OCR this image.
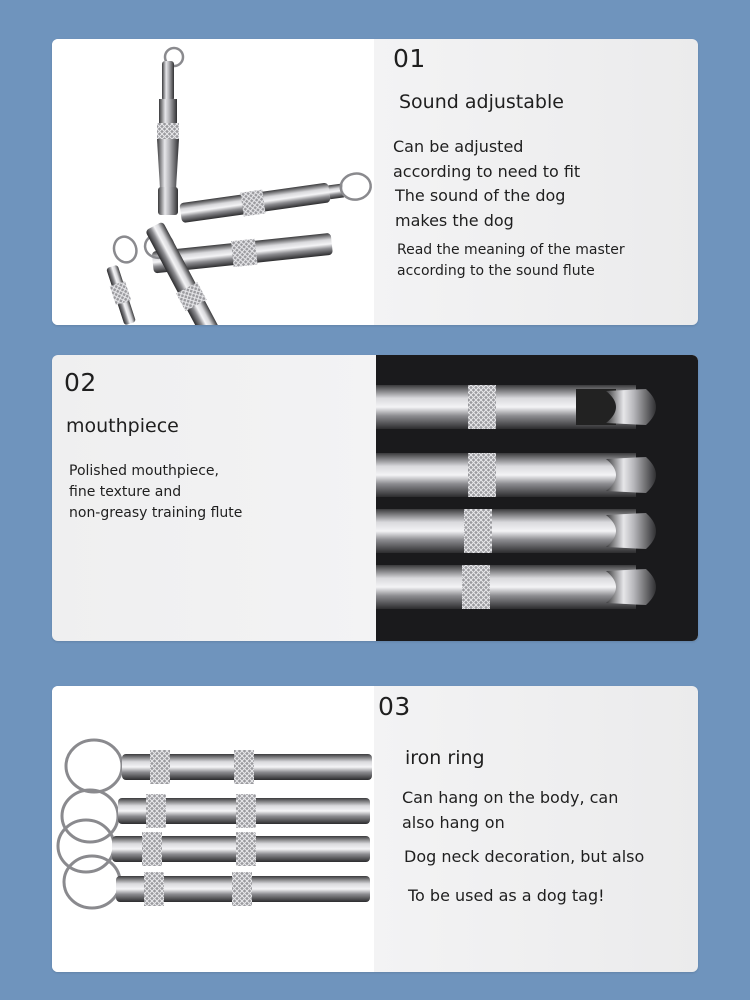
01

Sound adjustable

Can be adjusted
according to need to fit

The sound of the dog
makes the dog

Read the meaning of the master
according to the sound flute

02

mouthpiece

Polished mouthpiece,
fine texture and
non-greasy training flute

03

iron ring

Can hang on the body, can
also hang on

Dog neck decoration, but also

To be used as a dog tag!
